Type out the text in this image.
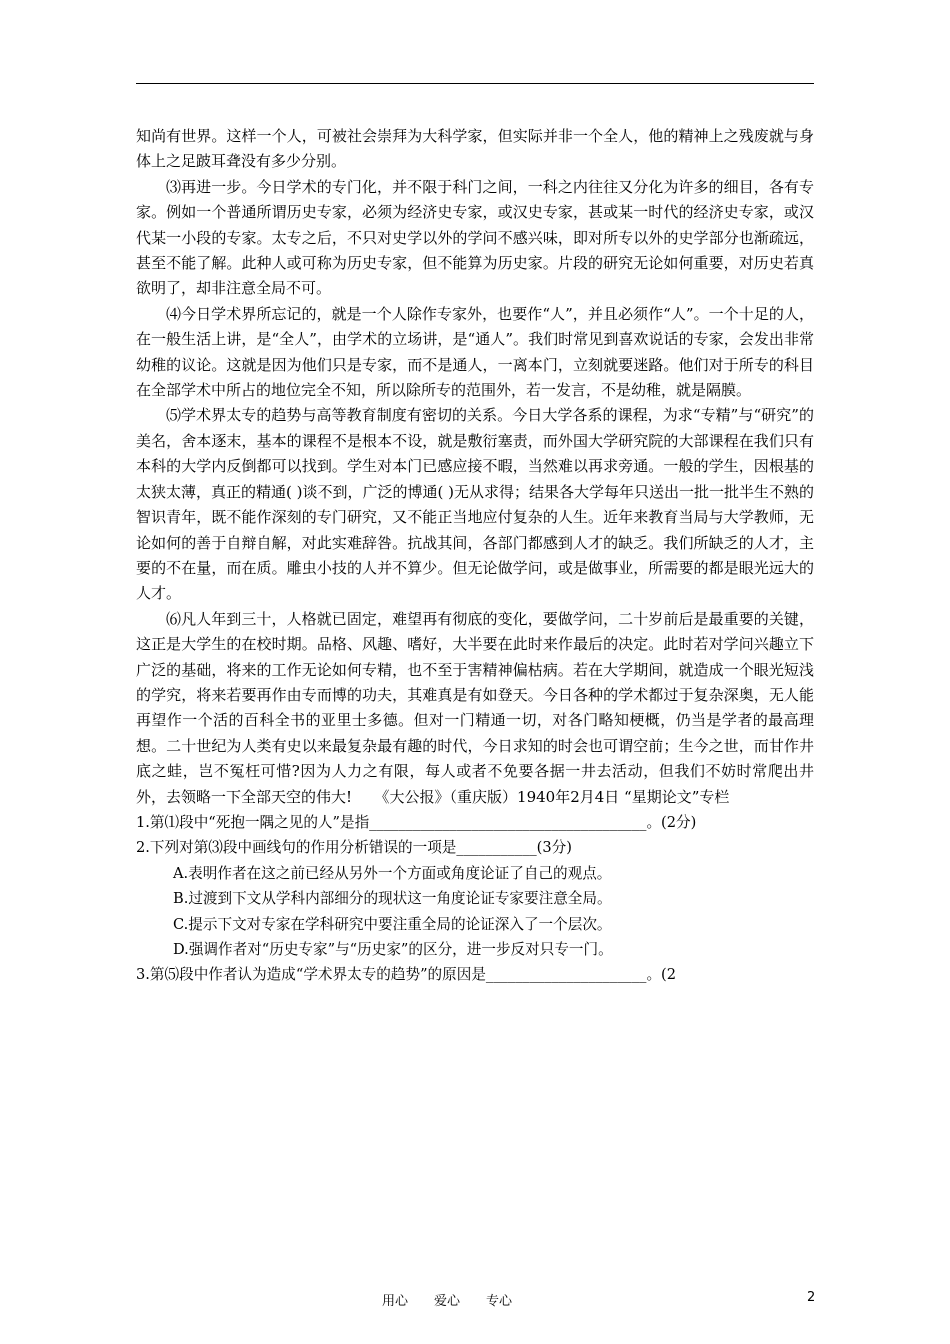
知尚有世界。这样一个人，可被社会崇拜为大科学家，但实际并非一个全人，他的精神上之残废就与身体上之足跛耳聋没有多少分别。

⑶再进一步。今日学术的专门化，并不限于科门之间，一科之内往往又分化为许多的细目，各有专家。例如一个普通所谓历史专家，必须为经济史专家，或汉史专家，甚或某一时代的经济史专家，或汉代某一小段的专家。太专之后，不只对史学以外的学问不感兴味，即对所专以外的史学部分也渐疏远，甚至不能了解。此种人或可称为历史专家，但不能算为历史家。片段的研究无论如何重要，对历史若真欲明了，却非注意全局不可。

⑷今日学术界所忘记的，就是一个人除作专家外，也要作“人”，并且必须作“人”。一个十足的人，在一般生活上讲，是“全人”，由学术的立场讲，是“通人”。我们时常见到喜欢说话的专家，会发出非常幼稚的议论。这就是因为他们只是专家，而不是通人，一离本门，立刻就要迷路。他们对于所专的科目在全部学术中所占的地位完全不知，所以除所专的范围外，若一发言，不是幼稚，就是隔膜。

⑸学术界太专的趋势与高等教育制度有密切的关系。今日大学各系的课程，为求“专精”与“研究”的美名，舍本逐末，基本的课程不是根本不设，就是敷衍塞责，而外国大学研究院的大部课程在我们只有本科的大学内反倒都可以找到。学生对本门已感应接不暇，当然难以再求旁通。一般的学生，因根基的太狭太薄，真正的精通( )谈不到，广泛的博通( )无从求得；结果各大学每年只送出一批一批半生不熟的智识青年，既不能作深刻的专门研究，又不能正当地应付复杂的人生。近年来教育当局与大学教师，无论如何的善于自辩自解，对此实难辞咎。抗战其间，各部门都感到人才的缺乏。我们所缺乏的人才，主要的不在量，而在质。雕虫小技的人并不算少。但无论做学问，或是做事业，所需要的都是眼光远大的人才。

⑹凡人年到三十，人格就已固定，难望再有彻底的变化，要做学问，二十岁前后是最重要的关键，这正是大学生的在校时期。品格、风趣、嗜好，大半要在此时来作最后的决定。此时若对学问兴趣立下广泛的基础，将来的工作无论如何专精，也不至于害精神偏枯病。若在大学期间，就造成一个眼光短浅的学究，将来若要再作由专而博的功夫，其难真是有如登天。今日各种的学术都过于复杂深奥，无人能再望作一个活的百科全书的亚里士多德。但对一门精通一切，对各门略知梗概，仍当是学者的最高理想。二十世纪为人类有史以来最复杂最有趣的时代，今日求知的时会也可谓空前；生今之世，而甘作井底之蛙，岂不冤枉可惜?因为人力之有限，每人或者不免要各据一井去活动，但我们不妨时常爬出井外，去领略一下全部天空的伟大!　　《大公报》（重庆版）1940年2月4日 “星期论文”专栏

1.第⑴段中“死抱一隅之见的人”是指______________________________________。(2分)

2.下列对第⑶段中画线句的作用分析错误的一项是___________(3分)

A.表明作者在这之前已经从另外一个方面或角度论证了自己的观点。

B.过渡到下文从学科内部细分的现状这一角度论证专家要注意全局。

C.提示下文对专家在学科研究中要注重全局的论证深入了一个层次。

D.强调作者对“历史专家”与“历史家”的区分，进一步反对只专一门。

3.第⑸段中作者认为造成“学术界太专的趋势”的原因是______________________。(2

用心　　爱心　　专心	2
